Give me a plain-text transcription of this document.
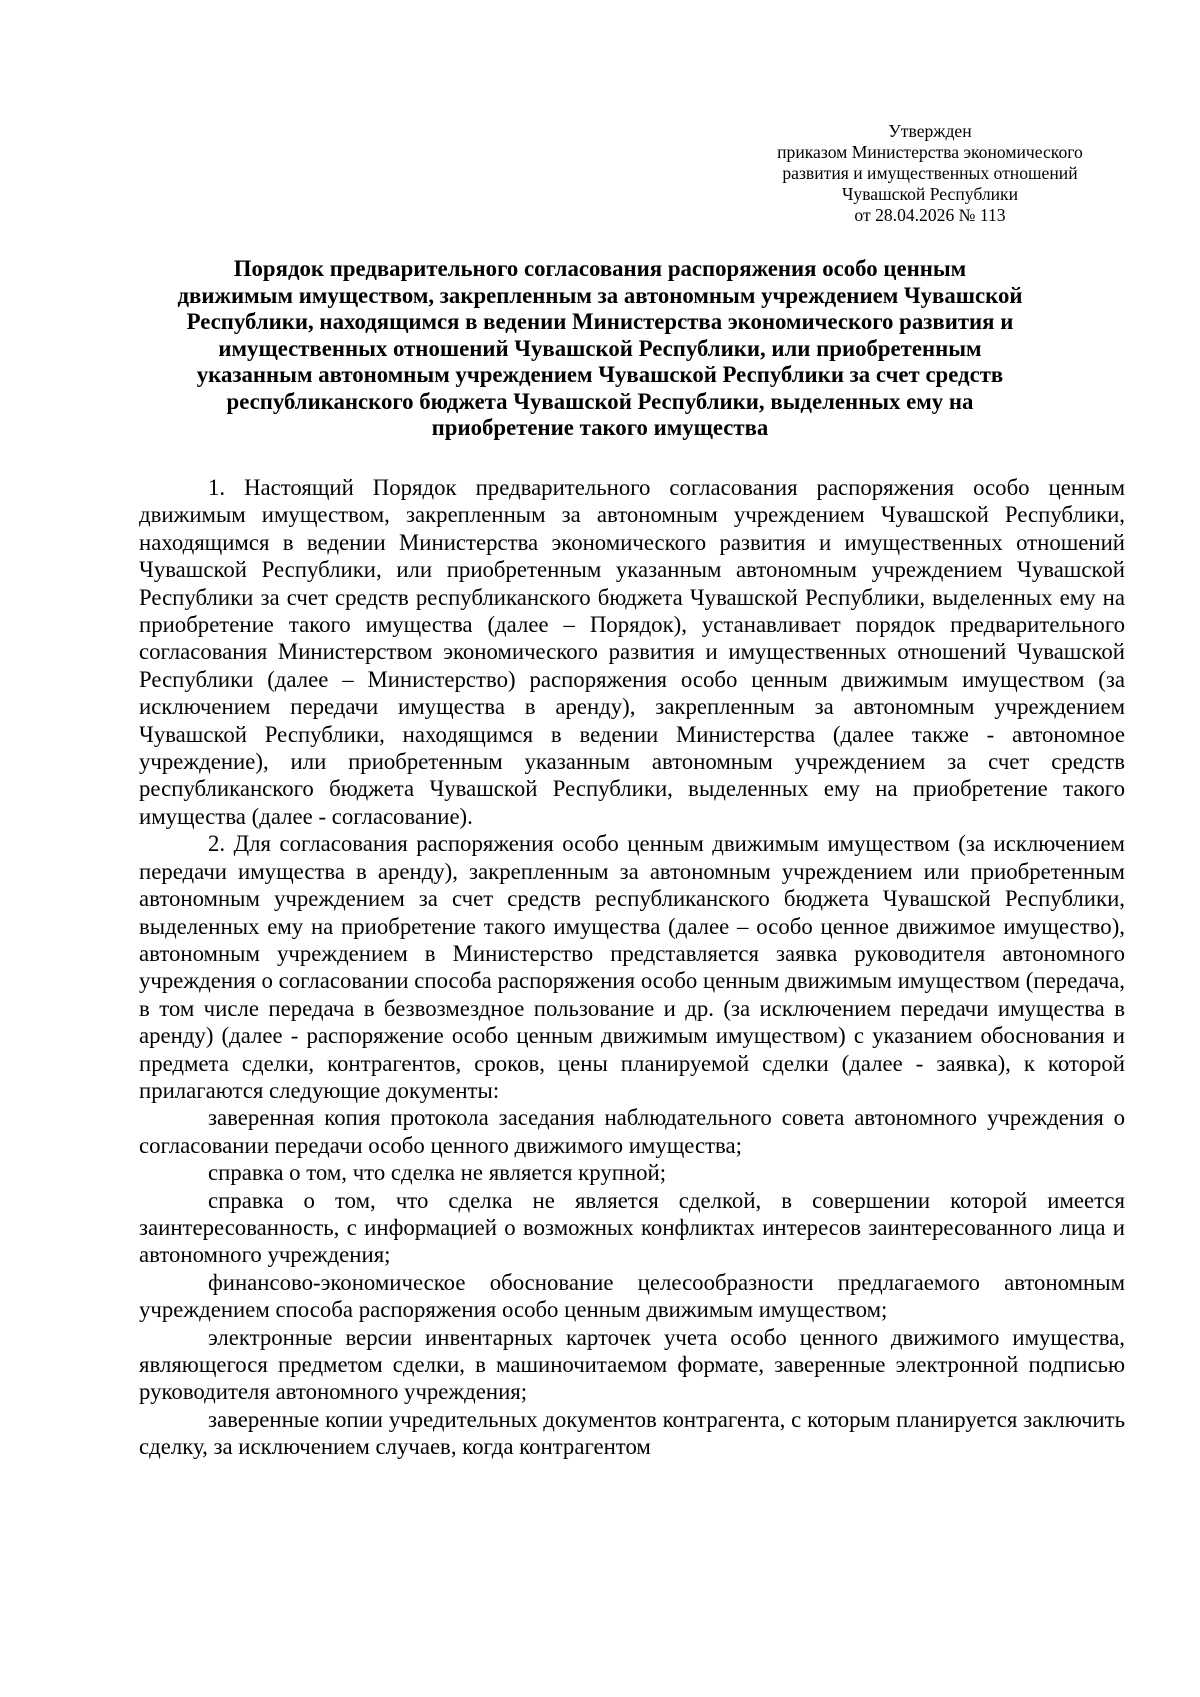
Утвержден
приказом Министерства экономического
развития и имущественных отношений
Чувашской Республики
от 28.04.2026 № 113
Порядок предварительного согласования распоряжения особо ценным
движимым имуществом, закрепленным за автономным учреждением Чувашской
Республики, находящимся в ведении Министерства экономического развития и
имущественных отношений Чувашской Республики, или приобретенным
указанным автономным учреждением Чувашской Республики за счет средств
республиканского бюджета Чувашской Республики, выделенных ему на
приобретение такого имущества

1. Настоящий Порядок предварительного согласования распоряжения особо ценным движимым имуществом, закрепленным за автономным учреждением Чувашской Республики, находящимся в ведении Министерства экономического развития и имущественных отношений Чувашской Республики, или приобретенным указанным автономным учреждением Чувашской Республики за счет средств республиканского бюджета Чувашской Республики, выделенных ему на приобретение такого имущества (далее – Порядок), устанавливает порядок предварительного согласования Министерством экономического развития и имущественных отношений Чувашской Республики (далее – Министерство) распоряжения особо ценным движимым имуществом (за исключением передачи имущества в аренду), закрепленным за автономным учреждением Чувашской Республики, находящимся в ведении Министерства (далее также - автономное учреждение), или приобретенным указанным автономным учреждением за счет средств республиканского бюджета Чувашской Республики, выделенных ему на приобретение такого имущества (далее - согласование).

2. Для согласования распоряжения особо ценным движимым имуществом (за исключением передачи имущества в аренду), закрепленным за автономным учреждением или приобретенным автономным учреждением за счет средств республиканского бюджета Чувашской Республики, выделенных ему на приобретение такого имущества (далее – особо ценное движимое имущество), автономным учреждением в Министерство представляется заявка руководителя автономного учреждения о согласовании способа распоряжения особо ценным движимым имуществом (передача, в том числе передача в безвозмездное пользование и др. (за исключением передачи имущества в аренду) (далее - распоряжение особо ценным движимым имуществом) с указанием обоснования и предмета сделки, контрагентов, сроков, цены планируемой сделки (далее - заявка), к которой прилагаются следующие документы:

заверенная копия протокола заседания наблюдательного совета автономного учреждения о согласовании передачи особо ценного движимого имущества;

справка о том, что сделка не является крупной;

справка о том, что сделка не является сделкой, в совершении которой имеется заинтересованность, с информацией о возможных конфликтах интересов заинтересованного лица и автономного учреждения;

финансово-экономическое обоснование целесообразности предлагаемого автономным учреждением способа распоряжения особо ценным движимым имуществом;

электронные версии инвентарных карточек учета особо ценного движимого имущества, являющегося предметом сделки, в машиночитаемом формате, заверенные электронной подписью руководителя автономного учреждения;

заверенные копии учредительных документов контрагента, с которым планируется заключить сделку, за исключением случаев, когда контрагентом
